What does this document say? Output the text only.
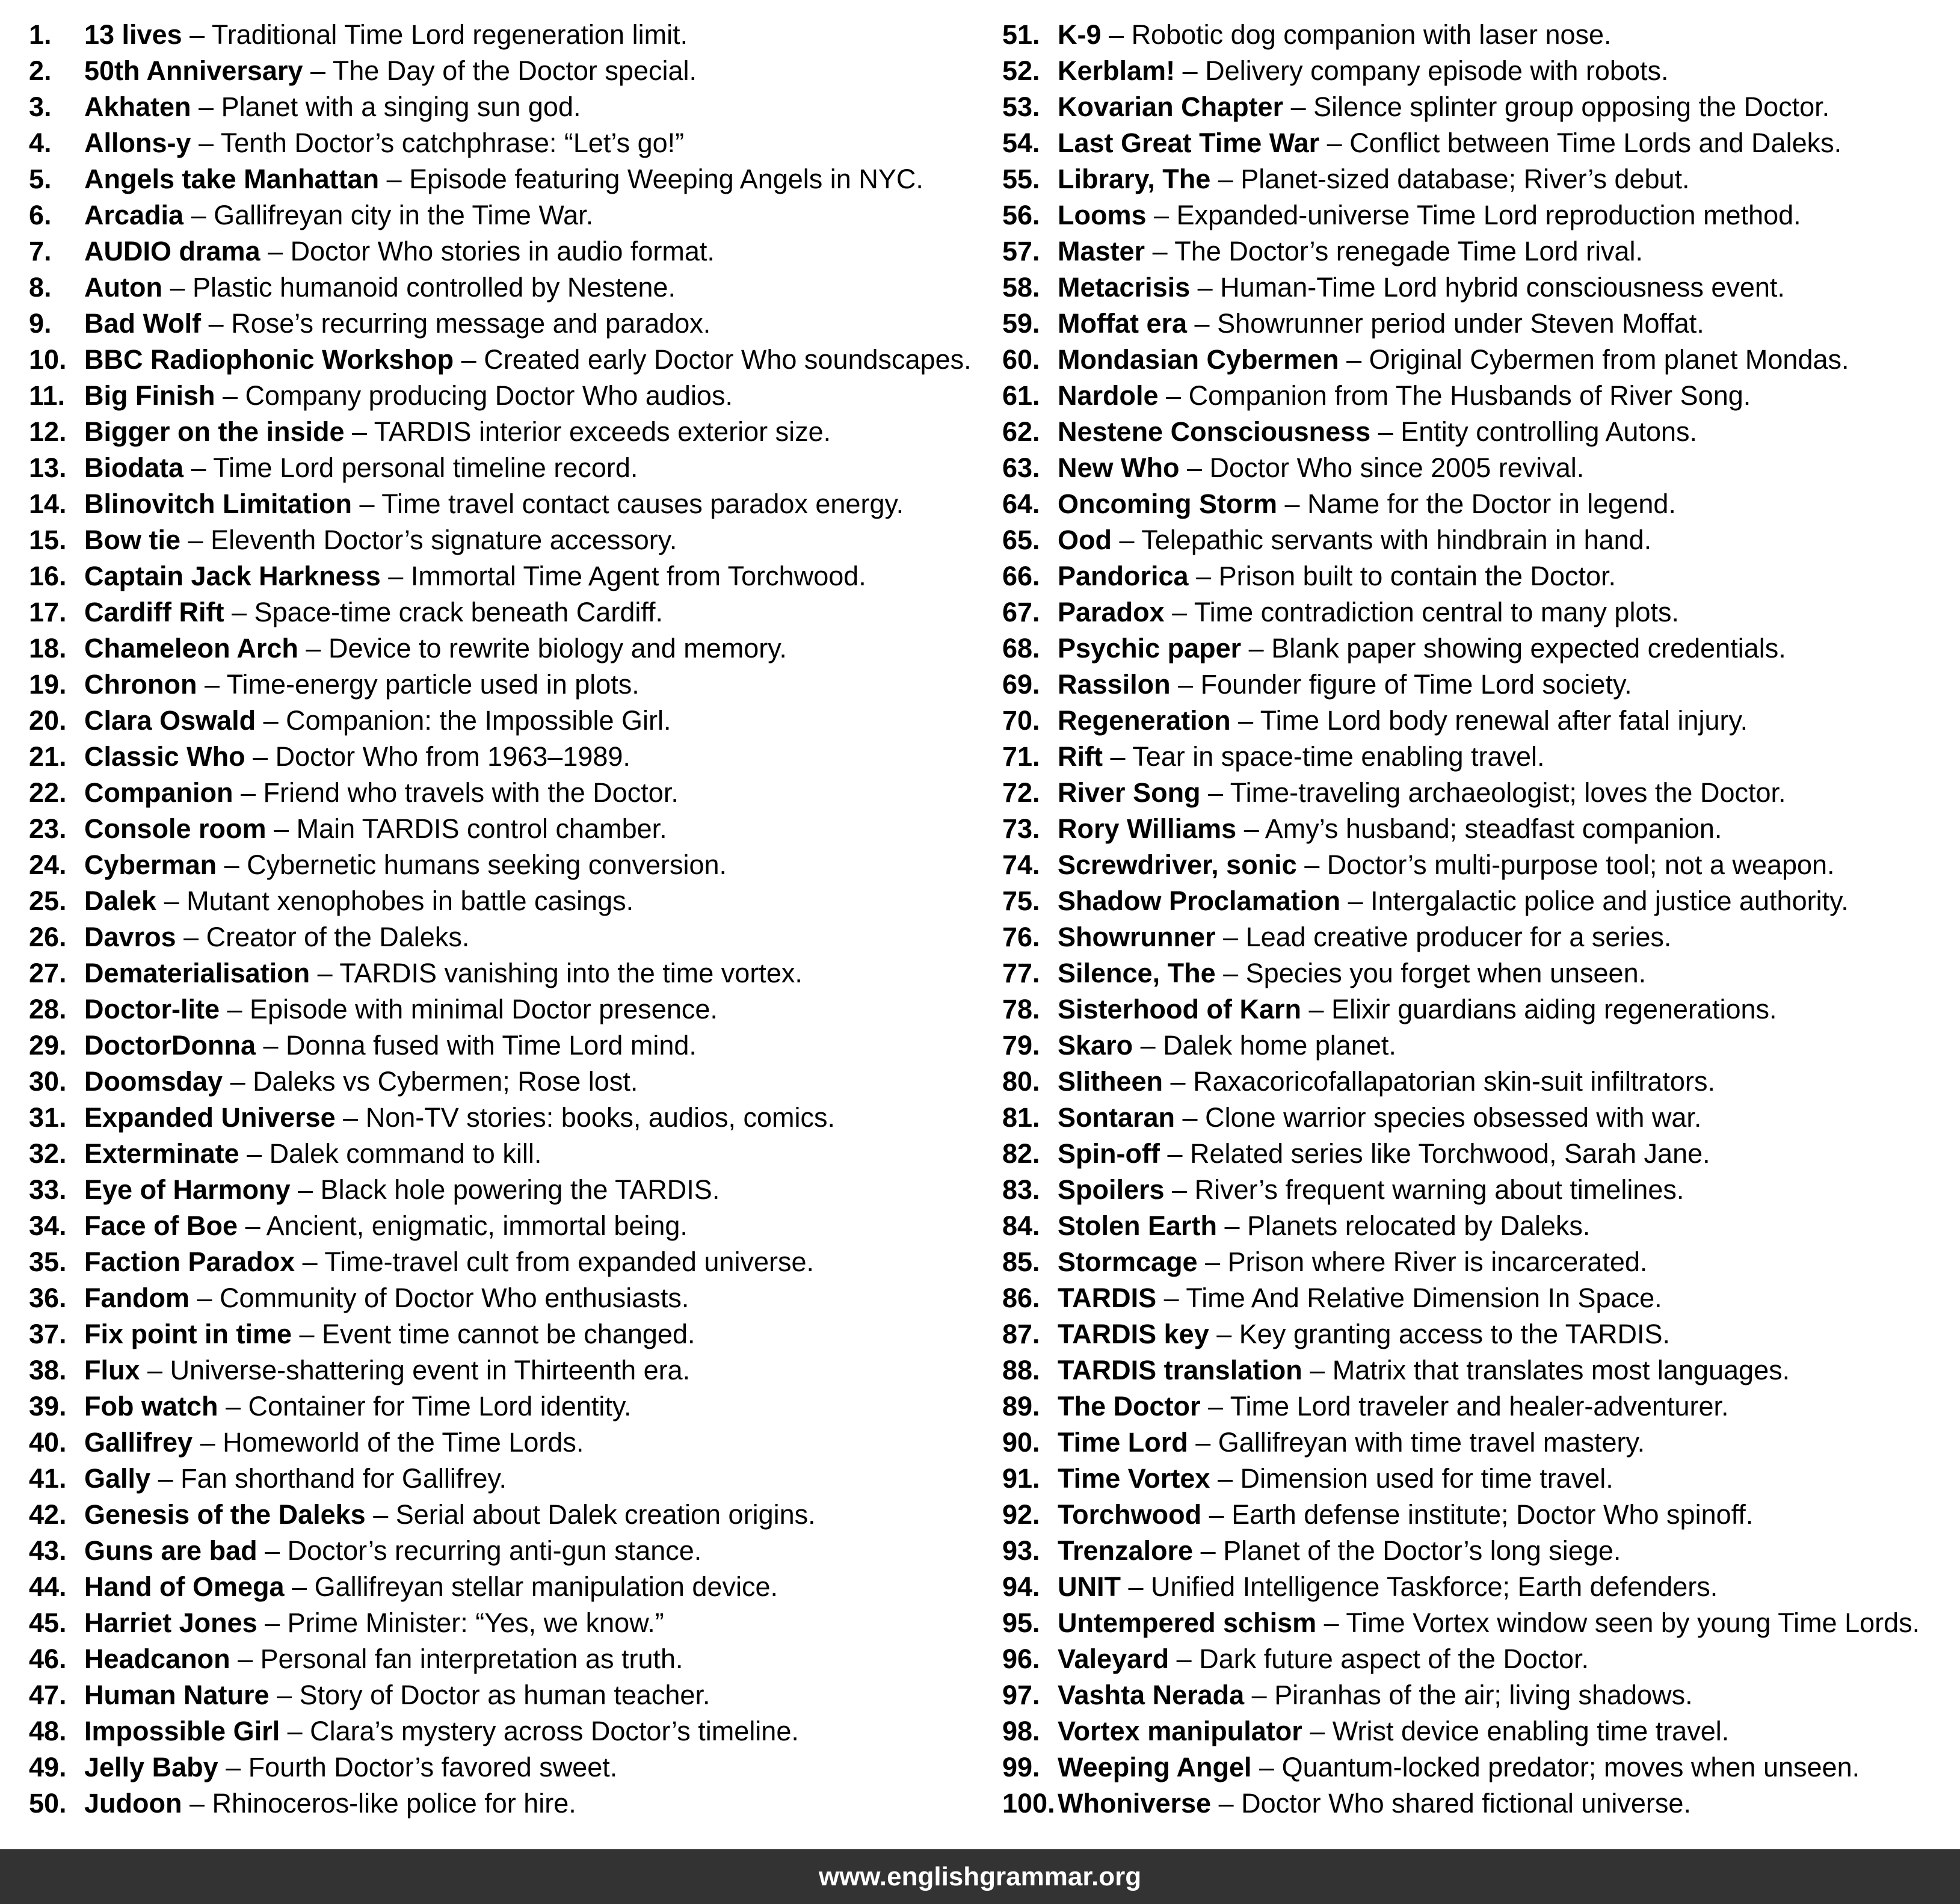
1.	13 lives – Traditional Time Lord regeneration limit.
2.	50th Anniversary – The Day of the Doctor special.
3.	Akhaten – Planet with a singing sun god.
4.	Allons-y – Tenth Doctor’s catchphrase: “Let’s go!”
5.	Angels take Manhattan – Episode featuring Weeping Angels in NYC.
6.	Arcadia – Gallifreyan city in the Time War.
7.	AUDIO drama – Doctor Who stories in audio format.
8.	Auton – Plastic humanoid controlled by Nestene.
9.	Bad Wolf – Rose’s recurring message and paradox.
10. BBC Radiophonic Workshop – Created early Doctor Who soundscapes.
11. Big Finish – Company producing Doctor Who audios.
12. Bigger on the inside – TARDIS interior exceeds exterior size.
13. Biodata – Time Lord personal timeline record.
14. Blinovitch Limitation – Time travel contact causes paradox energy.
15. Bow tie – Eleventh Doctor’s signature accessory.
16. Captain Jack Harkness – Immortal Time Agent from Torchwood.
17. Cardiff Rift – Space-time crack beneath Cardiff.
18. Chameleon Arch – Device to rewrite biology and memory.
19. Chronon – Time-energy particle used in plots.
20. Clara Oswald – Companion: the Impossible Girl.
21. Classic Who – Doctor Who from 1963–1989.
22. Companion – Friend who travels with the Doctor.
23. Console room – Main TARDIS control chamber.
24. Cyberman – Cybernetic humans seeking conversion.
25. Dalek – Mutant xenophobes in battle casings.
26. Davros – Creator of the Daleks.
27. Dematerialisation – TARDIS vanishing into the time vortex.
28. Doctor-lite – Episode with minimal Doctor presence.
29. DoctorDonna – Donna fused with Time Lord mind.
30. Doomsday – Daleks vs Cybermen; Rose lost.
31. Expanded Universe – Non-TV stories: books, audios, comics.
32. Exterminate – Dalek command to kill.
33. Eye of Harmony – Black hole powering the TARDIS.
34. Face of Boe – Ancient, enigmatic, immortal being.
35. Faction Paradox – Time-travel cult from expanded universe.
36. Fandom – Community of Doctor Who enthusiasts.
37. Fix point in time – Event time cannot be changed.
38. Flux – Universe-shattering event in Thirteenth era.
39. Fob watch – Container for Time Lord identity.
40. Gallifrey – Homeworld of the Time Lords.
41. Gally – Fan shorthand for Gallifrey.
42. Genesis of the Daleks – Serial about Dalek creation origins.
43. Guns are bad – Doctor’s recurring anti-gun stance.
44. Hand of Omega – Gallifreyan stellar manipulation device.
45. Harriet Jones – Prime Minister: “Yes, we know.”
46. Headcanon – Personal fan interpretation as truth.
47. Human Nature – Story of Doctor as human teacher.
48. Impossible Girl – Clara’s mystery across Doctor’s timeline.
49. Jelly Baby – Fourth Doctor’s favored sweet.
50. Judoon – Rhinoceros-like police for hire.
51. K-9 – Robotic dog companion with laser nose.
52. Kerblam! – Delivery company episode with robots.
53. Kovarian Chapter – Silence splinter group opposing the Doctor.
54. Last Great Time War – Conflict between Time Lords and Daleks.
55. Library, The – Planet-sized database; River’s debut.
56. Looms – Expanded-universe Time Lord reproduction method.
57. Master – The Doctor’s renegade Time Lord rival.
58. Metacrisis – Human-Time Lord hybrid consciousness event.
59. Moffat era – Showrunner period under Steven Moffat.
60. Mondasian Cybermen – Original Cybermen from planet Mondas.
61. Nardole – Companion from The Husbands of River Song.
62. Nestene Consciousness – Entity controlling Autons.
63. New Who – Doctor Who since 2005 revival.
64. Oncoming Storm – Name for the Doctor in legend.
65. Ood – Telepathic servants with hindbrain in hand.
66. Pandorica – Prison built to contain the Doctor.
67. Paradox – Time contradiction central to many plots.
68. Psychic paper – Blank paper showing expected credentials.
69. Rassilon – Founder figure of Time Lord society.
70. Regeneration – Time Lord body renewal after fatal injury.
71. Rift – Tear in space-time enabling travel.
72. River Song – Time-traveling archaeologist; loves the Doctor.
73. Rory Williams – Amy’s husband; steadfast companion.
74. Screwdriver, sonic – Doctor’s multi-purpose tool; not a weapon.
75. Shadow Proclamation – Intergalactic police and justice authority.
76. Showrunner – Lead creative producer for a series.
77. Silence, The – Species you forget when unseen.
78. Sisterhood of Karn – Elixir guardians aiding regenerations.
79. Skaro – Dalek home planet.
80. Slitheen – Raxacoricofallapatorian skin-suit infiltrators.
81. Sontaran – Clone warrior species obsessed with war.
82. Spin-off – Related series like Torchwood, Sarah Jane.
83. Spoilers – River’s frequent warning about timelines.
84. Stolen Earth – Planets relocated by Daleks.
85. Stormcage – Prison where River is incarcerated.
86. TARDIS – Time And Relative Dimension In Space.
87. TARDIS key – Key granting access to the TARDIS.
88. TARDIS translation – Matrix that translates most languages.
89. The Doctor – Time Lord traveler and healer-adventurer.
90. Time Lord – Gallifreyan with time travel mastery.
91. Time Vortex – Dimension used for time travel.
92. Torchwood – Earth defense institute; Doctor Who spinoff.
93. Trenzalore – Planet of the Doctor’s long siege.
94. UNIT – Unified Intelligence Taskforce; Earth defenders.
95. Untempered schism – Time Vortex window seen by young Time Lords.
96. Valeyard – Dark future aspect of the Doctor.
97. Vashta Nerada – Piranhas of the air; living shadows.
98. Vortex manipulator – Wrist device enabling time travel.
99. Weeping Angel – Quantum-locked predator; moves when unseen.
100. Whoniverse – Doctor Who shared fictional universe.
www.englishgrammar.org
